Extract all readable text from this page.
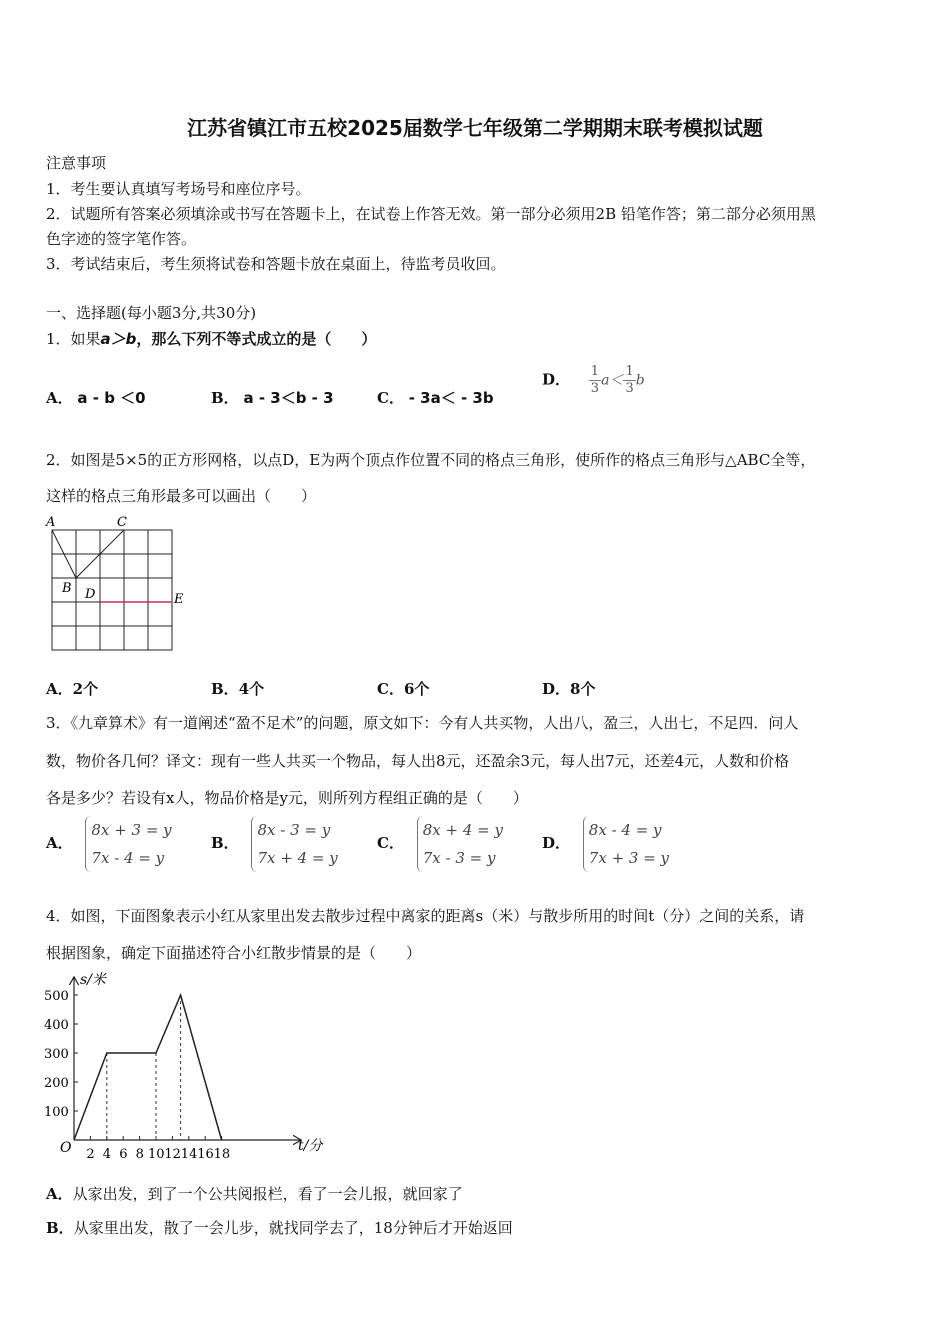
江苏省镇江市五校2025届数学七年级第二学期期末联考模拟试题
注意事项
1．考生要认真填写考场号和座位序号。
2．试题所有答案必须填涂或书写在答题卡上，在试卷上作答无效。第一部分必须用2B 铅笔作答；第二部分必须用黑
色字迹的签字笔作答。
3．考试结束后，考生须将试卷和答题卡放在桌面上，待监考员收回。
一、选择题(每小题3分,共30分)
1．如果a＞b，那么下列不等式成立的是（　　）
A． a - b ＜0	B． a - 3＜b - 3	C． - 3a＜ - 3b
D． $\frac{1}{3} a< \frac{1}{3}$ b
2．如图是5×5的正方形网格，以点D，E为两个顶点作位置不同的格点三角形，使所作的格点三角形与△ABC全等，
这样的格点三角形最多可以画出（　　）
A	C
B D	E
A．2个	B．4个	C．6个	D．8个
3．《九章算术》有一道阐述“盈不足术”的问题，原文如下：今有人共买物，人出八，盈三，人出七，不足四．问人
数，物价各几何？译文：现有一些人共买一个物品，每人出8元，还盈余3元，每人出7元，还差4元，人数和价格
各是多少？若设有x人，物品价格是y元，则所列方程组正确的是（　　）
A． 8x + 3 = y
7x - 4 = y
B． 8x - 3 = y
7x + 4 = y
C． 8x + 4 = y
7x - 3 = y
D． 8x - 4 = y
7x + 3 = y
4．如图，下面图象表示小红从家里出发去散步过程中离家的距离s（米）与散步所用的时间t（分）之间的关系，请
根据图象，确定下面描述符合小红散步情景的是（　　）
100
200
300
400
500
2 4 6 8 10 12 14 16 18
s/米
t/分
O
A．从家出发，到了一个公共阅报栏，看了一会儿报，就回家了
B．从家里出发，散了一会儿步，就找同学去了，18分钟后才开始返回
